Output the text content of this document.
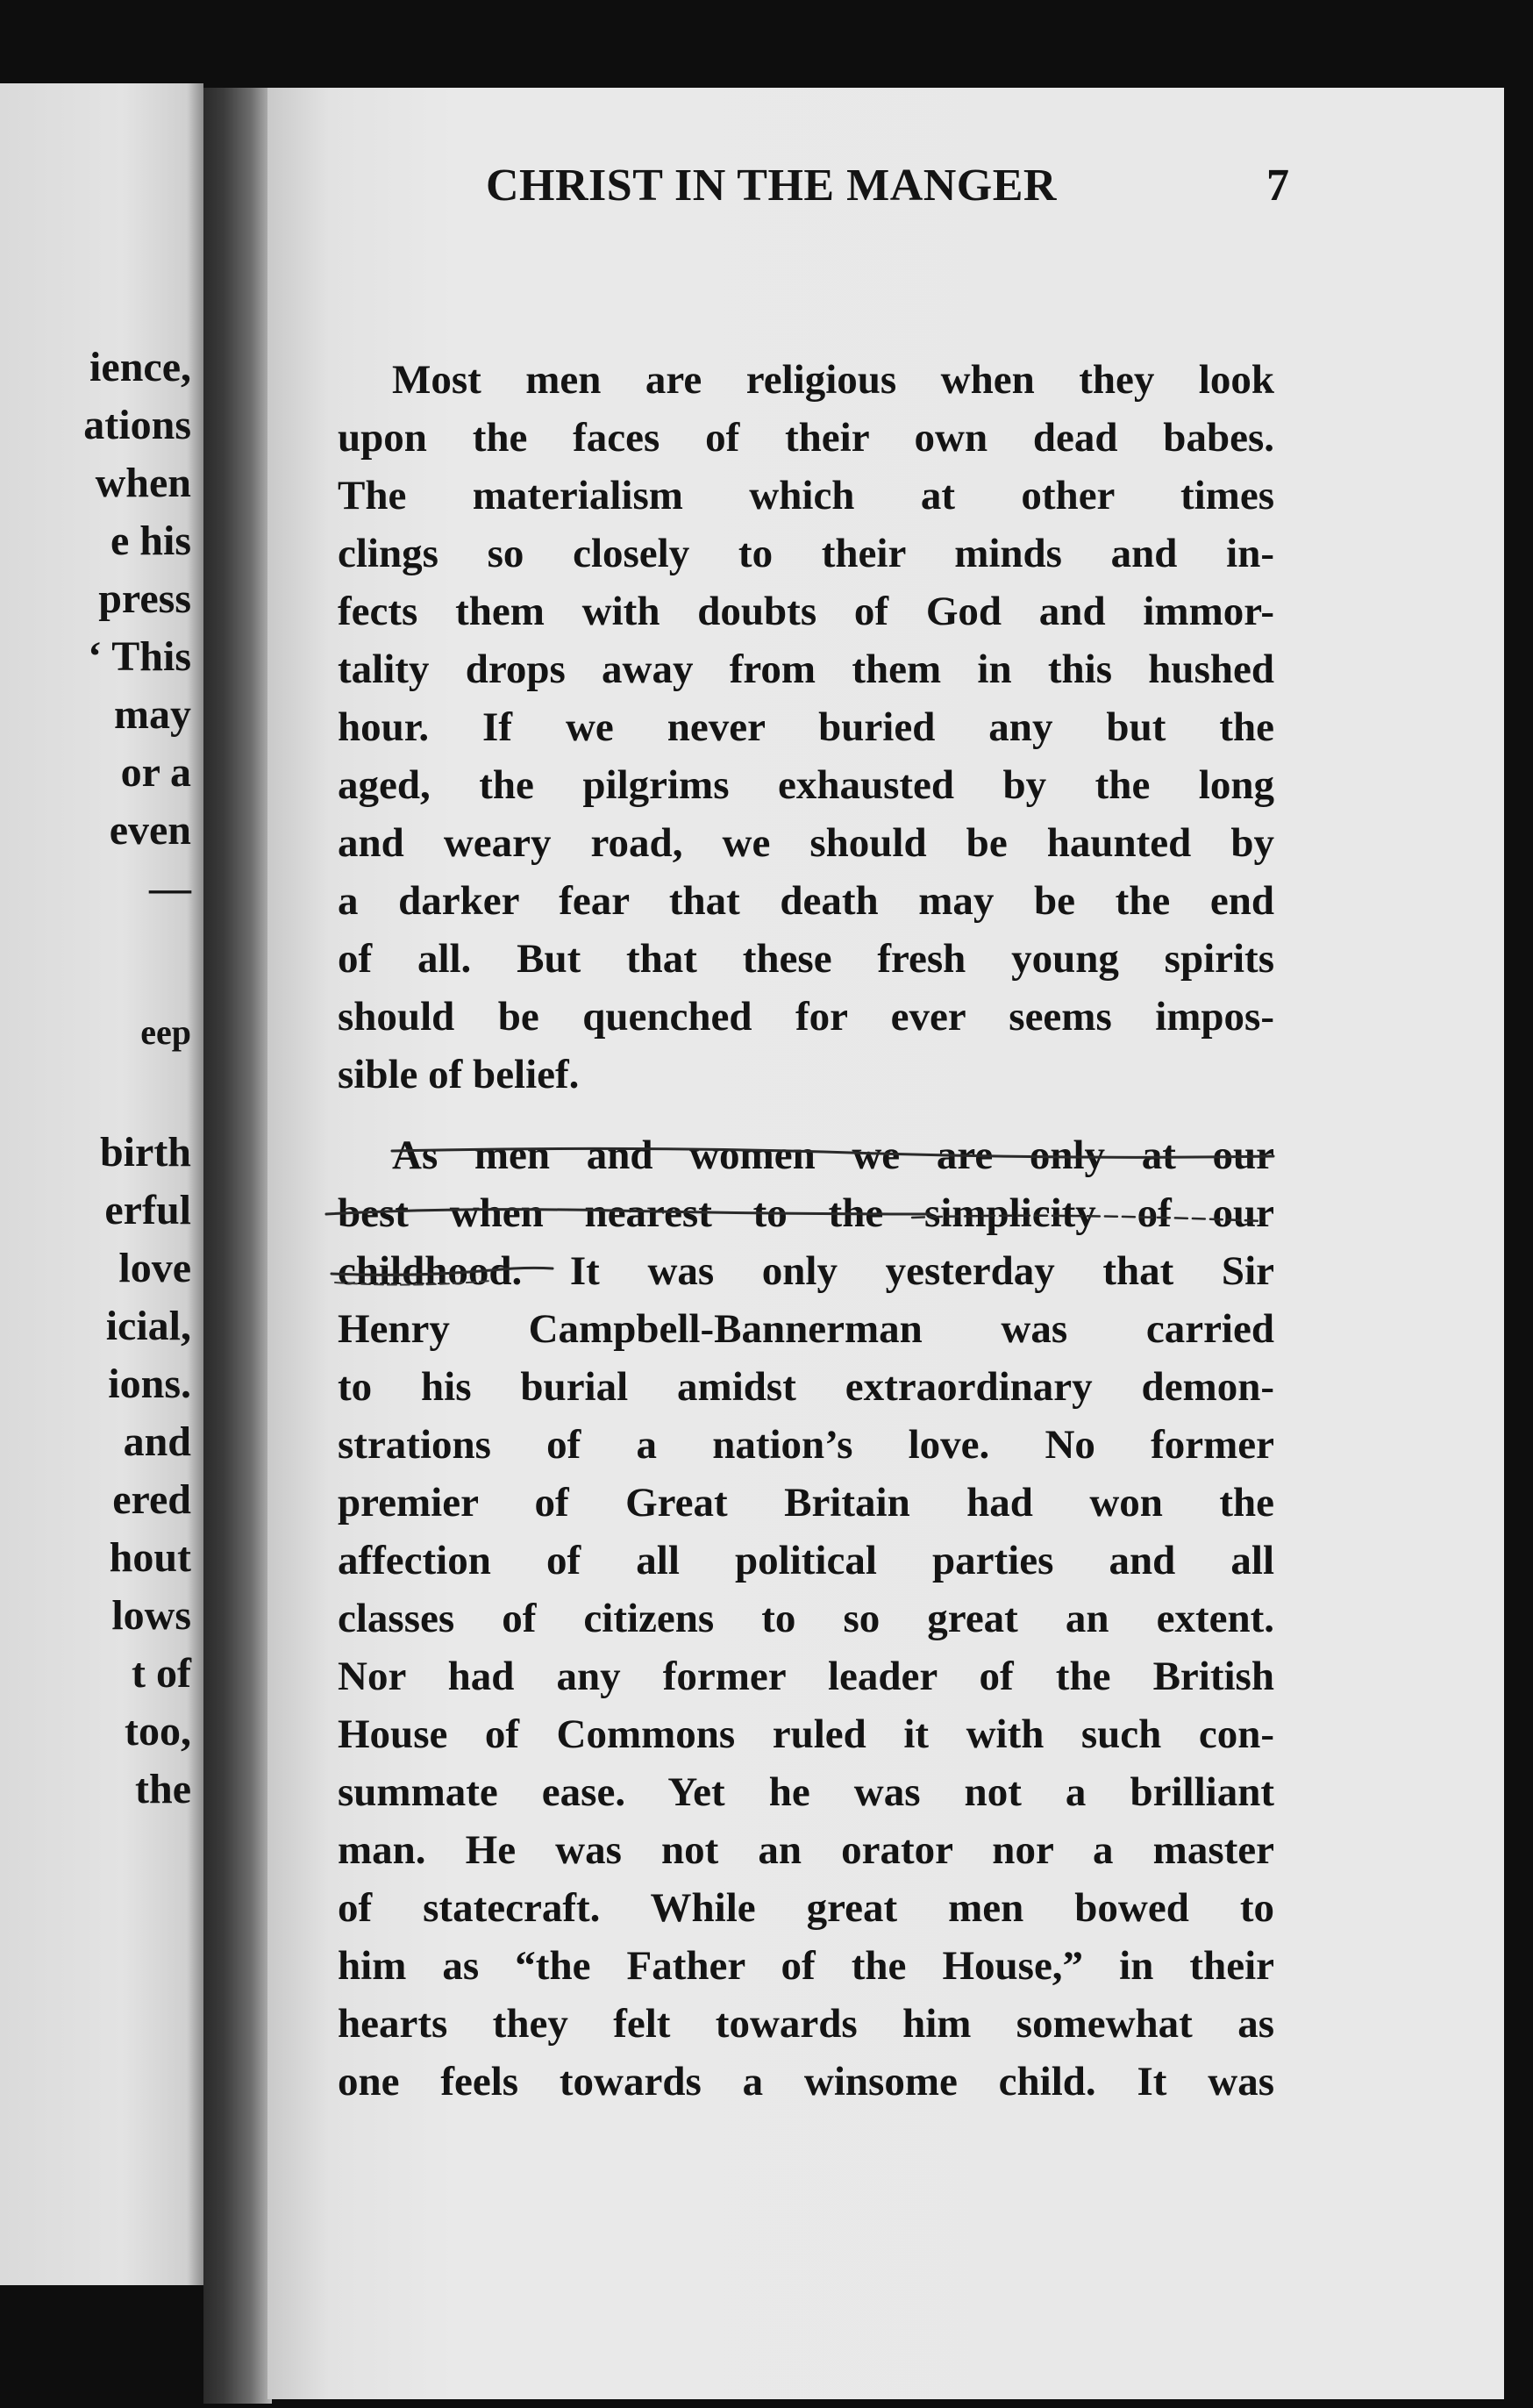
ience,

ations

when

e his

press

‘ This

may

or a

even

—

eep

birth

erful

love

icial,

ions.

and

ered

hout

lows

t of

too,

the

CHRIST IN THE MANGER	7
Most men are religious when they look
upon the faces of their own dead babes.
The materialism which at other times
clings so closely to their minds and in-
fects them with doubts of God and immor-
tality drops away from them in this hushed
hour. If we never buried any but the
aged, the pilgrims exhausted by the long
and weary road, we should be haunted by
a darker fear that death may be the end
of all. But that these fresh young spirits
should be quenched for ever seems impos-
sible of belief.
As men and women we are only at our
best when nearest to the simplicity of our
childhood. It was only yesterday that Sir
Henry Campbell-Bannerman was carried
to his burial amidst extraordinary demon-
strations of a nation’s love. No former
premier of Great Britain had won the
affection of all political parties and all
classes of citizens to so great an extent.
Nor had any former leader of the British
House of Commons ruled it with such con-
summate ease. Yet he was not a brilliant
man. He was not an orator nor a master
of statecraft. While great men bowed to
him as “the Father of the House,” in their
hearts they felt towards him somewhat as
one feels towards a winsome child. It was
